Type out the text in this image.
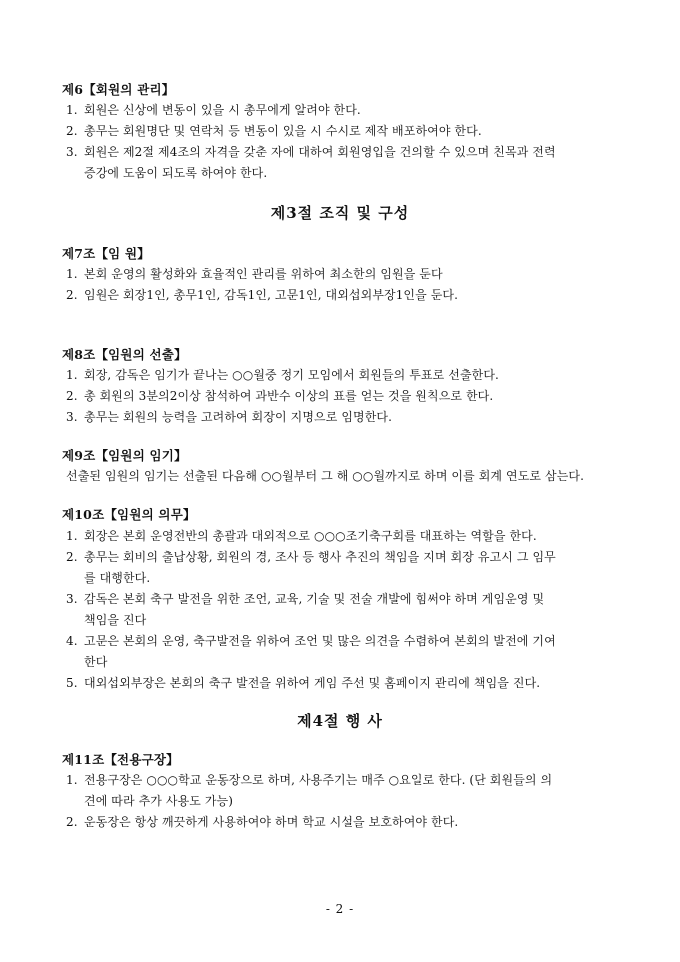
제6【회원의 관리】
1. 회원은 신상에 변동이 있을 시 총무에게 알려야 한다.
2. 총무는 회원명단 및 연락처 등 변동이 있을 시 수시로 제작 배포하여야 한다.
3. 회원은 제2절 제4조의 자격을 갖춘 자에 대하여 회원영입을 건의할 수 있으며 친목과 전력
증강에 도움이 되도록 하여야 한다.
제3절 조직 및 구성
제7조【임 원】
1. 본회 운영의 활성화와 효율적인 관리를 위하여 최소한의 임원을 둔다
2. 임원은 회장1인, 총무1인, 감독1인, 고문1인, 대외섭외부장1인을 둔다.
제8조【임원의 선출】
1. 회장, 감독은 임기가 끝나는 ○○월중 정기 모임에서 회원들의 투표로 선출한다.
2. 총 회원의 3분의2이상 참석하여 과반수 이상의 표를 얻는 것을 원칙으로 한다.
3. 총무는 회원의 능력을 고려하여 회장이 지명으로 임명한다.
제9조【임원의 임기】
선출된 임원의 임기는 선출된 다음해 ○○월부터 그 해 ○○월까지로 하며 이를 회계 연도로 삼는다.
제10조【임원의 의무】
1. 회장은 본회 운영전반의 총괄과 대외적으로 ○○○조기축구회를 대표하는 역할을 한다.
2. 총무는 회비의 출납상황, 회원의 경, 조사 등 행사 추진의 책임을 지며 회장 유고시 그 임무
를 대행한다.
3. 감독은 본회 축구 발전을 위한 조언, 교육, 기술 및 전술 개발에 힘써야 하며 게임운영 및
책임을 진다
4. 고문은 본회의 운영, 축구발전을 위하여 조언 및 많은 의견을 수렴하여 본회의 발전에 기여
한다
5. 대외섭외부장은 본회의 축구 발전을 위하여 게임 주선 및 홈페이지 관리에 책임을 진다.
제4절 행 사
제11조【전용구장】
1. 전용구장은 ○○○학교 운동장으로 하며, 사용주기는 매주 ○요일로 한다. (단 회원들의 의
견에 따라 추가 사용도 가능)
2. 운동장은 항상 깨끗하게 사용하여야 하며 학교 시설을 보호하여야 한다.
- 2 -
